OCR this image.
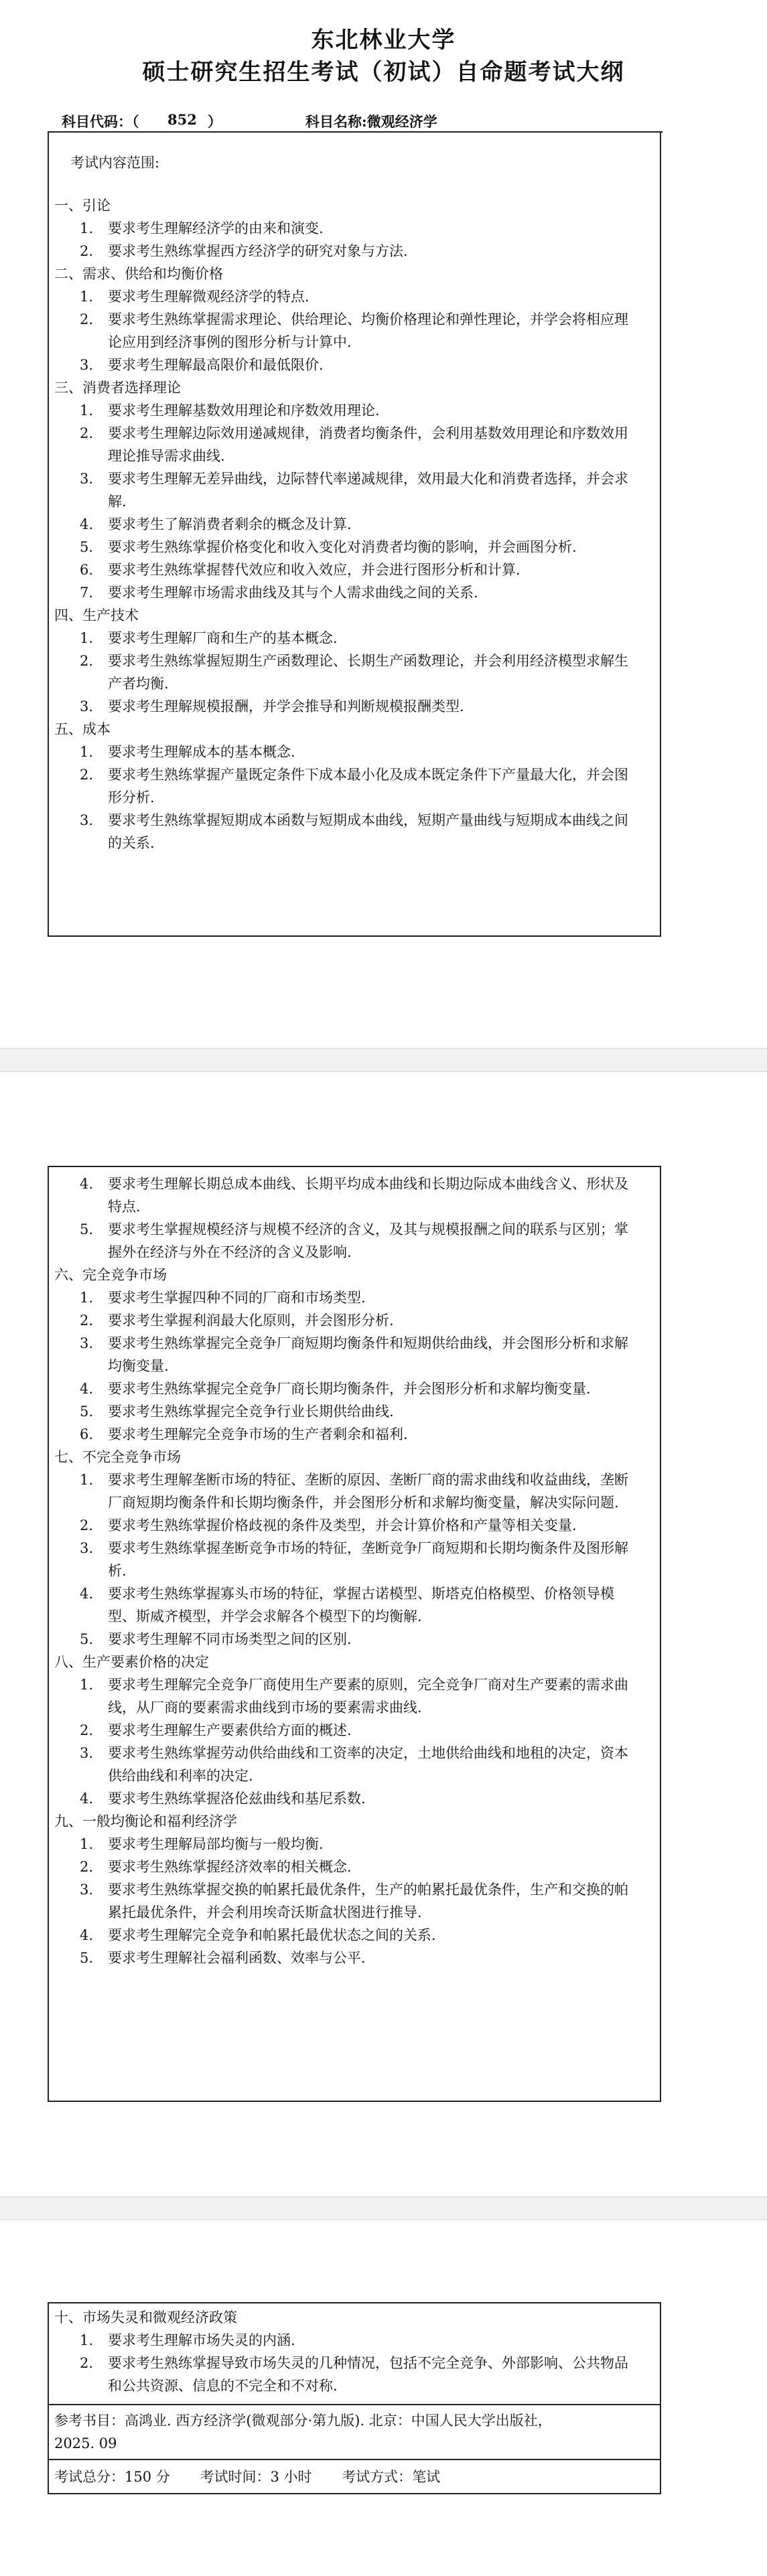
东北林业大学
硕士研究生招生考试（初试）自命题考试大纲
科目代码：（ 852 ）	科目名称:微观经济学
考试内容范围:
一、引论
1. 要求考生理解经济学的由来和演变.
2. 要求考生熟练掌握西方经济学的研究对象与方法.
二、需求、供给和均衡价格
1. 要求考生理解微观经济学的特点.
2. 要求考生熟练掌握需求理论、供给理论、均衡价格理论和弹性理论，并学会将相应理论应用到经济事例的图形分析与计算中.
3. 要求考生理解最高限价和最低限价.
三、消费者选择理论
1. 要求考生理解基数效用理论和序数效用理论.
2. 要求考生理解边际效用递减规律，消费者均衡条件，会利用基数效用理论和序数效用理论推导需求曲线.
3. 要求考生理解无差异曲线，边际替代率递减规律，效用最大化和消费者选择，并会求解.
4. 要求考生了解消费者剩余的概念及计算.
5. 要求考生熟练掌握价格变化和收入变化对消费者均衡的影响，并会画图分析.
6. 要求考生熟练掌握替代效应和收入效应，并会进行图形分析和计算.
7. 要求考生理解市场需求曲线及其与个人需求曲线之间的关系.
四、生产技术
1. 要求考生理解厂商和生产的基本概念.
2. 要求考生熟练掌握短期生产函数理论、长期生产函数理论，并会利用经济模型求解生产者均衡.
3. 要求考生理解规模报酬，并学会推导和判断规模报酬类型.
五、成本
1. 要求考生理解成本的基本概念.
2. 要求考生熟练掌握产量既定条件下成本最小化及成本既定条件下产量最大化，并会图形分析.
3. 要求考生熟练掌握短期成本函数与短期成本曲线，短期产量曲线与短期成本曲线之间的关系.
4. 要求考生理解长期总成本曲线、长期平均成本曲线和长期边际成本曲线含义、形状及特点.
5. 要求考生掌握规模经济与规模不经济的含义，及其与规模报酬之间的联系与区别；掌握外在经济与外在不经济的含义及影响.
六、完全竞争市场
1. 要求考生掌握四种不同的厂商和市场类型.
2. 要求考生掌握利润最大化原则，并会图形分析.
3. 要求考生熟练掌握完全竞争厂商短期均衡条件和短期供给曲线，并会图形分析和求解均衡变量.
4. 要求考生熟练掌握完全竞争厂商长期均衡条件，并会图形分析和求解均衡变量.
5. 要求考生熟练掌握完全竞争行业长期供给曲线.
6. 要求考生理解完全竞争市场的生产者剩余和福利.
七、不完全竞争市场
1. 要求考生理解垄断市场的特征、垄断的原因、垄断厂商的需求曲线和收益曲线，垄断厂商短期均衡条件和长期均衡条件，并会图形分析和求解均衡变量，解决实际问题.
2. 要求考生熟练掌握价格歧视的条件及类型，并会计算价格和产量等相关变量.
3. 要求考生熟练掌握垄断竞争市场的特征，垄断竞争厂商短期和长期均衡条件及图形解析.
4. 要求考生熟练掌握寡头市场的特征，掌握古诺模型、斯塔克伯格模型、价格领导模型、斯威齐模型，并学会求解各个模型下的均衡解.
5. 要求考生理解不同市场类型之间的区别.
八、生产要素价格的决定
1. 要求考生理解完全竞争厂商使用生产要素的原则，完全竞争厂商对生产要素的需求曲线，从厂商的要素需求曲线到市场的要素需求曲线.
2. 要求考生理解生产要素供给方面的概述.
3. 要求考生熟练掌握劳动供给曲线和工资率的决定，土地供给曲线和地租的决定，资本供给曲线和利率的决定.
4. 要求考生熟练掌握洛伦兹曲线和基尼系数.
九、一般均衡论和福利经济学
1. 要求考生理解局部均衡与一般均衡.
2. 要求考生熟练掌握经济效率的相关概念.
3. 要求考生熟练掌握交换的帕累托最优条件，生产的帕累托最优条件，生产和交换的帕累托最优条件，并会利用埃奇沃斯盒状图进行推导.
4. 要求考生理解完全竞争和帕累托最优状态之间的关系.
5. 要求考生理解社会福利函数、效率与公平.
十、市场失灵和微观经济政策
1. 要求考生理解市场失灵的内涵.
2. 要求考生熟练掌握导致市场失灵的几种情况，包括不完全竞争、外部影响、公共物品和公共资源、信息的不完全和不对称.
参考书目：高鸿业. 西方经济学(微观部分·第九版). 北京：中国人民大学出版社，
2025. 09
考试总分：150 分 考试时间：3 小时 考试方式：笔试
